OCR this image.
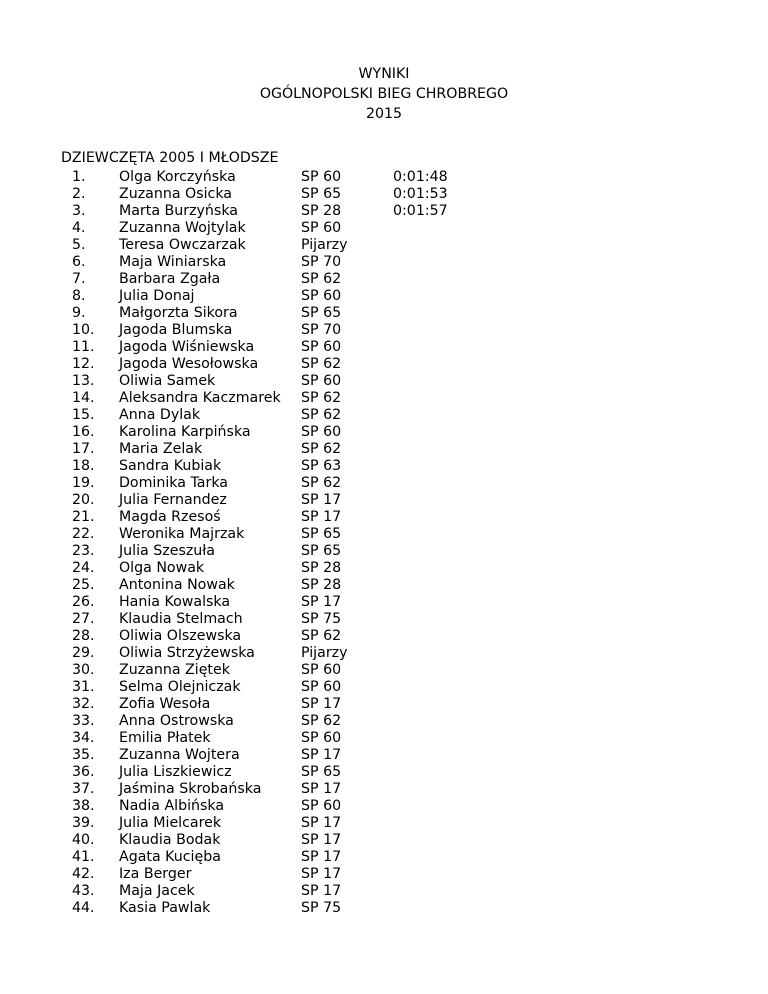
WYNIKI
OGÓLNOPOLSKI BIEG CHROBREGO
2015
DZIEWCZĘTA 2005 I MŁODSZE
1.	Olga Korczyńska	SP 60	0:01:48
2.	Zuzanna Osicka	SP 65	0:01:53
3.	Marta Burzyńska	SP 28	0:01:57
4.	Zuzanna Wojtylak	SP 60
5.	Teresa Owczarzak	Pijarzy
6.	Maja Winiarska	SP 70
7.	Barbara Zgała	SP 62
8.	Julia Donaj	SP 60
9.	Małgorzta Sikora	SP 65
10.	Jagoda Blumska	SP 70
11.	Jagoda Wiśniewska	SP 60
12.	Jagoda Wesołowska	SP 62
13.	Oliwia Samek	SP 60
14.	Aleksandra Kaczmarek SP 62
15.	Anna Dylak	SP 62
16.	Karolina Karpińska	SP 60
17.	Maria Zelak	SP 62
18.	Sandra Kubiak	SP 63
19.	Dominika Tarka	SP 62
20.	Julia Fernandez	SP 17
21.	Magda Rzesoś	SP 17
22.	Weronika Majrzak	SP 65
23.	Julia Szeszuła	SP 65
24.	Olga Nowak	SP 28
25.	Antonina Nowak	SP 28
26.	Hania Kowalska	SP 17
27.	Klaudia Stelmach	SP 75
28.	Oliwia Olszewska	SP 62
29.	Oliwia Strzyżewska	Pijarzy
30.	Zuzanna Ziętek	SP 60
31.	Selma Olejniczak	SP 60
32.	Zofia Wesoła	SP 17
33.	Anna Ostrowska	SP 62
34.	Emilia Płatek	SP 60
35.	Zuzanna Wojtera	SP 17
36.	Julia Liszkiewicz	SP 65
37.	Jaśmina Skrobańska	SP 17
38.	Nadia Albińska	SP 60
39.	Julia Mielcarek	SP 17
40.	Klaudia Bodak	SP 17
41.	Agata Kucięba	SP 17
42.	Iza Berger	SP 17
43.	Maja Jacek	SP 17
44.	Kasia Pawlak	SP 75
